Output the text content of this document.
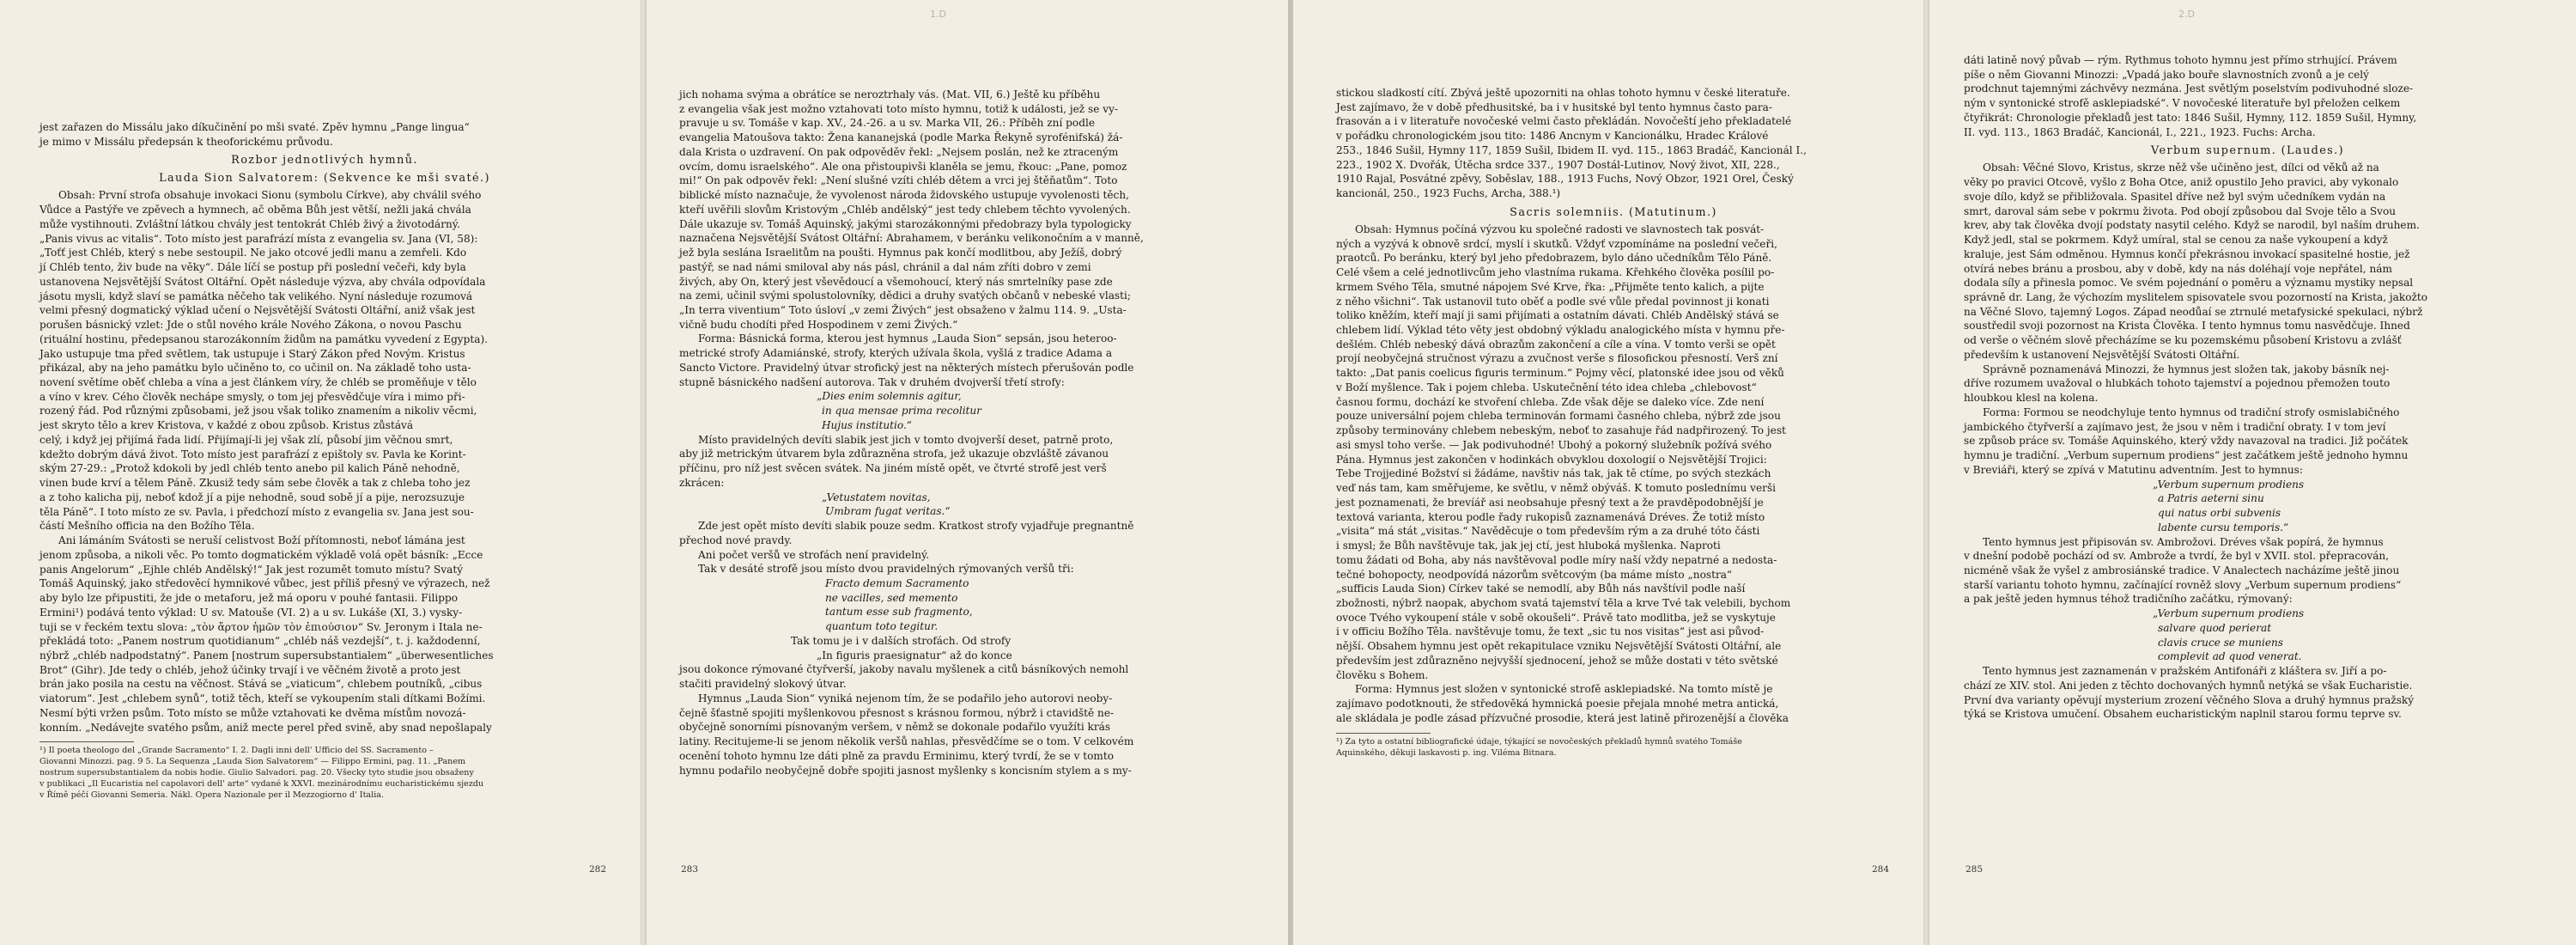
jest zařazen do Missálu jako díkučinění po mši svaté. Zpěv hymnu „Pange lingua“

je mimo v Missálu předepsán k theoforickému průvodu.

Rozbor jednotlivých hymnů.

Lauda Sion Salvatorem: (Sekvence ke mši svaté.)

Obsah: První strofa obsahuje invokaci Sionu (symbolu Církve), aby chválil svého

Vůdce a Pastýře ve zpěvech a hymnech, ač oběma Bůh jest větší, nežli jaká chvála

může vystihnouti. Zvláštní látkou chvály jest tentokrát Chléb živý a životodárný.

„Panis vivus ac vitalis“. Toto místo jest parafrází místa z evangelia sv. Jana (VI, 58):

„Toťť jest Chléb, který s nebe sestoupil. Ne jako otcové jedli manu a zemřeli. Kdo

jí Chléb tento, živ bude na věky“. Dále líčí se postup při poslední večeři, kdy byla

ustanovena Nejsvětější Svátost Oltářní. Opět následuje výzva, aby chvála odpovídala

jásotu mysli, když slaví se památka něčeho tak velikého. Nyní následuje rozumová

velmi přesný dogmatický výklad učení o Nejsvětější Svátosti Oltářní, aniž však jest

porušen básnický vzlet: Jde o stůl nového krále Nového Zákona, o novou Paschu

(rituální hostinu, předepsanou starozákonním židům na památku vyvedení z Egypta).

Jako ustupuje tma před světlem, tak ustupuje i Starý Zákon před Novým. Kristus

přikázal, aby na jeho památku bylo učiněno to, co učinil on. Na základě toho usta-

novení světíme oběť chleba a vína a jest článkem víry, že chléb se proměňuje v tělo

a víno v krev. Cého člověk nechápe smysly, o tom jej přesvědčuje víra i mimo při-

rozený řád. Pod různými způsobami, jež jsou však toliko znamením a nikoliv věcmi,

jest skryto tělo a krev Kristova, v každé z obou způsob. Kristus zůstává

celý, i když jej přijímá řada lidí. Přijímají-li jej však zlí, působí jim věčnou smrt,

kdežto dobrým dává život. Toto místo jest parafrází z epištoly sv. Pavla ke Korint-

ským 27-29.: „Protož kdokoli by jedl chléb tento anebo pil kalich Páně nehodně,

vinen bude krví a tělem Páně. Zkusiž tedy sám sebe člověk a tak z chleba toho jez

a z toho kalicha pij, neboť kdož jí a pije nehodně, soud sobě jí a pije, nerozsuzuje

těla Páně“. I toto místo ze sv. Pavla, i předchozí místo z evangelia sv. Jana jest sou-

částí Mešního officia na den Božího Těla.

Ani lámáním Svátosti se neruší celistvost Boží přítomnosti, neboť lámána jest

jenom způsoba, a nikoli věc. Po tomto dogmatickém výkladě volá opět básník: „Ecce

panis Angelorum“ „Ejhle chléb Andělský!“ Jak jest rozumět tomuto místu? Svatý

Tomáš Aquinský, jako středověcí hymnikové vůbec, jest příliš přesný ve výrazech, než

aby bylo lze připustiti, že jde o metaforu, jež má oporu v pouhé fantasii. Filippo

Ermini¹) podává tento výklad: U sv. Matouše (VI. 2) a u sv. Lukáše (XI, 3.) vysky-

tuji se v řeckém textu slova: „τὸν ἄρτον ἡμῶν τὸν ἐπιούσιον“ Sv. Jeronym i Itala ne-

překládá toto: „Panem nostrum quotidianum“ „chléb náš vezdejší“, t. j. každodenní,

nýbrž „chléb nadpodstatný“. Panem [nostrum supersubstantialem“ „überwesentliches

Brot“ (Gihr). Jde tedy o chléb, jehož účinky trvají i ve věčném životě a proto jest

brán jako posila na cestu na věčnost. Stává se „viaticum“, chlebem poutníků, „cibus

viatorum“. Jest „chlebem synů“, totiž těch, kteří se vykoupením stali dítkami Božími.

Nesmí býti vržen psům. Toto místo se může vztahovati ke dvěma místům novozá-

konním. „Nedávejte svatého psům, aniž mecte perel před svině, aby snad nepošlapaly

¹) Il poeta theologo del „Grande Sacramento“ I. 2. Dagli inni dell' Ufficio del SS. Sacramento –

Giovanni Minozzi. pag. 9 5. La Sequenza „Lauda Sion Salvatorem“ — Filippo Ermini, pag. 11. „Panem

nostrum supersubstantialem da nobis hodie. Giulio Salvadori. pag. 20. Všecky tyto studie jsou obsaženy

v publikaci „Il Eucaristia nel capolavori dell' arte“ vydané k XXVI. mezinárodnímu eucharistickému sjezdu

v Římě péčí Giovanni Semeria. Nákl. Opera Nazionale per il Mezzogiorno d' Italia.

282
1.D

jich nohama svýma a obrátíce se neroztrhaly vás. (Mat. VII, 6.) Ještě ku příběhu

z evangelia však jest možno vztahovati toto místo hymnu, totiž k události, jež se vy-

pravuje u sv. Tomáše v kap. XV., 24.-26. a u sv. Marka VII, 26.: Příběh zní podle

evangelia Matoušova takto: Žena kananejská (podle Marka Řekyně syrofénifská) žá-

dala Krista o uzdravení. On pak odpověděv řekl: „Nejsem poslán, než ke ztraceným

ovcím, domu israelského“. Ale ona přistoupivši klaněla se jemu, řkouc: „Pane, pomoz

mi!“ On pak odpověv řekl: „Není slušné vzíti chléb dětem a vrci jej štěňatům“. Toto

biblické místo naznačuje, že vyvolenost národa židovského ustupuje vyvolenosti těch,

kteří uvěřili slovům Kristovým „Chléb andělský“ jest tedy chlebem těchto vyvolených.

Dále ukazuje sv. Tomáš Aquinský, jakými starozákonnými předobrazy byla typologicky

naznačena Nejsvětější Svátost Oltářní: Abrahamem, v beránku velikonočním a v manně,

jež byla seslána Israelitům na poušti. Hymnus pak končí modlitbou, aby Ježíš, dobrý

pastýř, se nad námi smiloval aby nás pásl, chránil a dal nám zříti dobro v zemi

živých, aby On, který jest vševědoucí a všemohoucí, který nás smrtelníky pase zde

na zemi, učinil svými spolustolovníky, dědici a druhy svatých občanů v nebeské vlasti;

„In terra viventium“ Toto úsloví „v zemi Živých“ jest obsaženo v žalmu 114. 9. „Usta-

vičně budu chodíti před Hospodinem v zemi Živých.“

Forma: Básnická forma, kterou jest hymnus „Lauda Sion“ sepsán, jsou heteroo-

metrické strofy Adamiánské, strofy, kterých užívala škola, vyšlá z tradice Adama a

Sancto Victore. Pravidelný útvar strofický jest na některých místech přerušován podle

stupně básnického nadšení autorova. Tak v druhém dvojverší třetí strofy:

„Dies enim solemnis agitur,

in qua mensae prima recolitur

Hujus institutio.“

Místo pravidelných devíti slabik jest jich v tomto dvojverší deset, patrně proto,

aby již metrickým útvarem byla zdůrazněna strofa, jež ukazuje obzvláště závanou

příčinu, pro níž jest svěcen svátek. Na jiném místě opět, ve čtvrté strofě jest verš

zkrácen:

„Vetustatem novitas,

Umbram fugat veritas.“

Zde jest opět místo devíti slabik pouze sedm. Kratkost strofy vyjadřuje pregnantně

přechod nové pravdy.

Ani počet veršů ve strofách není pravidelný.

Tak v desáté strofě jsou místo dvou pravidelných rýmovaných veršů tři:

Fracto demum Sacramento

ne vacilles, sed memento

tantum esse sub fragmento,

quantum toto tegitur.

Tak tomu je i v dalších strofách. Od strofy

„In figuris praesignatur“ až do konce

jsou dokonce rýmované čtyřverší, jakoby navalu myšlenek a citů básníkových nemohl

stačiti pravidelný slokový útvar.

Hymnus „Lauda Sion“ vyniká nejenom tím, že se podařilo jeho autorovi neoby-

čejně šťastně spojiti myšlenkovou přesnost s krásnou formou, nýbrž i ctavidště ne-

obyčejně sonorními písnovaným veršem, v němž se dokonale podařilo využíti krás

latiny. Recitujeme-li se jenom několik veršů nahlas, přesvědčíme se o tom. V celkovém

ocenění tohoto hymnu lze dáti plně za pravdu Erminimu, který tvrdí, že se v tomto

hymnu podařilo neobyčejně dobře spojiti jasnost myšlenky s koncisním stylem a s my-

283

stickou sladkostí cítí. Zbývá ještě upozorniti na ohlas tohoto hymnu v české literatuře.

Jest zajímavo, že v době předhusitské, ba i v husitské byl tento hymnus často para-

frasován a i v literatuře novočeské velmi často překládán. Novočeští jeho překladatelé

v pořádku chronologickém jsou tito: 1486 Ancnym v Kancionálku, Hradec Králové

253., 1846 Sušil, Hymny 117, 1859 Sušil, Ibidem II. vyd. 115., 1863 Bradáč, Kancionál I.,

223., 1902 X. Dvořák, Útěcha srdce 337., 1907 Dostál-Lutinov, Nový život, XII, 228.,

1910 Rajal, Posvátné zpěvy, Soběslav, 188., 1913 Fuchs, Nový Obzor, 1921 Orel, Český

kancionál, 250., 1923 Fuchs, Archa, 388.¹)

Sacris solemniis. (Matutinum.)

Obsah: Hymnus počíná výzvou ku společné radosti ve slavnostech tak posvát-

ných a vyzývá k obnově srdcí, myslí i skutků. Vždyť vzpomínáme na poslední večeři,

praotců. Po beránku, který byl jeho předobrazem, bylo dáno učedníkům Tělo Páně.

Celé všem a celé jednotlivcům jeho vlastníma rukama. Křehkého člověka posílil po-

krmem Svého Těla, smutné nápojem Své Krve, řka: „Přijměte tento kalich, a pijte

z něho všichni“. Tak ustanovil tuto oběť a podle své vůle předal povinnost ji konati

toliko kněžím, kteří mají ji sami přijímati a ostatním dávati. Chléb Andělský stává se

chlebem lidí. Výklad této věty jest obdobný výkladu analogického místa v hymnu pře-

dešlém. Chléb nebeský dává obrazům zakončení a cíle a vína. V tomto verši se opět

projí neobyčejná stručnost výrazu a zvučnost verše s filosofickou přesností. Verš zní

takto: „Dat panis coelicus figuris terminum.“ Pojmy věcí, platonské idee jsou od věků

v Boží myšlence. Tak i pojem chleba. Uskutečnění této idea chleba „chlebovost“

časnou formu, dochází ke stvoření chleba. Zde však děje se daleko více. Zde není

pouze universální pojem chleba terminován formami časného chleba, nýbrž zde jsou

způsoby terminovány chlebem nebeským, neboť to zasahuje řád nadpřirozený. To jest

asi smysl toho verše. — Jak podivuhodné! Ubohý a pokorný služebník požívá svého

Pána. Hymnus jest zakončen v hodinkách obvyklou doxologií o Nejsvětější Trojici:

Tebe Trojjediné Božství si žádáme, navštiv nás tak, jak tě ctíme, po svých stezkách

veď nás tam, kam směřujeme, ke světlu, v němž obýváš. K tomuto poslednímu verši

jest poznamenati, že brevíář asi neobsahuje přesný text a že pravděpodobnější je

textová varianta, kterou podle řady rukopisů zaznamenává Dréves. Že totiž místo

„visita“ má stát „visitas.“ Navěděcuje o tom především rým a za druhé tóto části

i smysl; že Bůh navštěvuje tak, jak jej ctí, jest hluboká myšlenka. Naproti

tomu žádati od Boha, aby nás navštěvoval podle míry naší vždy nepatrné a nedosta-

tečné bohopocty, neodpovídá názorům světcovým (ba máme místo „nostra“

„sufficis Lauda Sion) Církev také se nemodlí, aby Bůh nás navštívil podle naší

zbožnosti, nýbrž naopak, abychom svatá tajemství těla a krve Tvé tak velebili, bychom

ovoce Tvého vykoupení stále v sobě okoušeli“. Právě tato modlitba, jež se vyskytuje

i v officiu Božího Těla. navštěvuje tomu, že text „sic tu nos visitas“ jest asi původ-

nější. Obsahem hymnu jest opět rekapitulace vzniku Nejsvětější Svátosti Oltářní, ale

především jest zdůrazněno nejvyšší sjednocení, jehož se může dostati v této světské

člověku s Bohem.

Forma: Hymnus jest složen v syntonické strofě asklepiadské. Na tomto místě je

zajímavo podotknouti, že středověká hymnická poesie přejala mnohé metra antická,

ale skládala je podle zásad přízvučné prosodie, která jest latině přirozenější a člověka

¹) Za tyto a ostatní bibliografické údaje, týkající se novočeských překladů hymnů svatého Tomáše

Aquinského, děkuji laskavosti p. ing. Viléma Bitnara.

284
2.D

dáti latině nový půvab — rým. Rythmus tohoto hymnu jest přímo strhující. Právem

píše o něm Giovanni Minozzi: „Vpadá jako bouře slavnostních zvonů a je celý

prodchnut tajemnými záchvěvy nezmána. Jest světlým poselstvím podivuhodné sloze-

ným v syntonické strofě asklepiadské“. V novočeské literatuře byl přeložen celkem

čtyřikrát: Chronologie překladů jest tato: 1846 Sušil, Hymny, 112. 1859 Sušil, Hymny,

II. vyd. 113., 1863 Bradáč, Kancionál, I., 221., 1923. Fuchs: Archa.

Verbum supernum. (Laudes.)

Obsah: Věčné Slovo, Kristus, skrze něž vše učiněno jest, dílci od věků až na

věky po pravici Otcově, vyšlo z Boha Otce, aniž opustilo Jeho pravici, aby vykonalo

svoje dílo, když se přibližovala. Spasitel dříve než byl svým učedníkem vydán na

smrt, daroval sám sebe v pokrmu života. Pod obojí způsobou dal Svoje tělo a Svou

krev, aby tak člověka dvojí podstaty nasytil celého. Když se narodil, byl naším druhem.

Když jedl, stal se pokrmem. Když umíral, stal se cenou za naše vykoupení a když

kraluje, jest Sám odměnou. Hymnus končí překrásnou invokací spasitelné hostie, jež

otvírá nebes bránu a prosbou, aby v době, kdy na nás doléhají voje nepřátel, nám

dodala síly a přinesla pomoc. Ve svém pojednání o poměru a významu mystiky nepsal

správně dr. Lang, že výchozím myslitelem spisovatele svou pozorností na Krista, jakožto

na Věčné Slovo, tajemný Logos. Západ neodůaí se ztrnulé metafysické spekulaci, nýbrž

soustředil svoji pozornost na Krista Člověka. I tento hymnus tomu nasvědčuje. Ihned

od verše o věčném slově přecházíme se ku pozemskému působení Kristovu a zvlášť

především k ustanovení Nejsvětější Svátosti Oltářní.

Správně poznamenává Minozzi, že hymnus jest složen tak, jakoby básník nej-

dříve rozumem uvažoval o hlubkách tohoto tajemství a pojednou přemožen touto

hloubkou klesl na kolena.

Forma: Formou se neodchyluje tento hymnus od tradiční strofy osmislabičného

jambického čtyřverší a zajímavo jest, že jsou v něm i tradiční obraty. I v tom jeví

se způsob práce sv. Tomáše Aquinského, který vždy navazoval na tradici. Již počátek

hymnu je tradiční. „Verbum supernum prodiens“ jest začátkem ještě jednoho hymnu

v Breviáři, který se zpívá v Matutinu adventním. Jest to hymnus:

„Verbum supernum prodiens

a Patris aeterni sinu

qui natus orbi subvenis

labente cursu temporis.“

Tento hymnus jest připisován sv. Ambrožovi. Dréves však popírá, že hymnus

v dnešní podobě pochází od sv. Ambrože a tvrdí, že byl v XVII. stol. přepracován,

nicméně však že vyšel z ambrosiánské tradice. V Analectech nacházíme ještě jinou

starší variantu tohoto hymnu, začínající rovněž slovy „Verbum supernum prodiens“

a pak ještě jeden hymnus téhož tradičního začátku, rýmovaný:

„Verbum supernum prodiens

salvare quod perierat

clavis cruce se muniens

complevit ad quod venerat.

Tento hymnus jest zaznamenán v pražském Antifonáři z kláštera sv. Jiří a po-

chází ze XIV. stol. Ani jeden z těchto dochovaných hymnů netýká se však Eucharistie.

První dva varianty opěvují mysterium zrození věčného Slova a druhý hymnus pražský

týká se Kristova umučení. Obsahem eucharistickým naplnil starou formu teprve sv.

285
